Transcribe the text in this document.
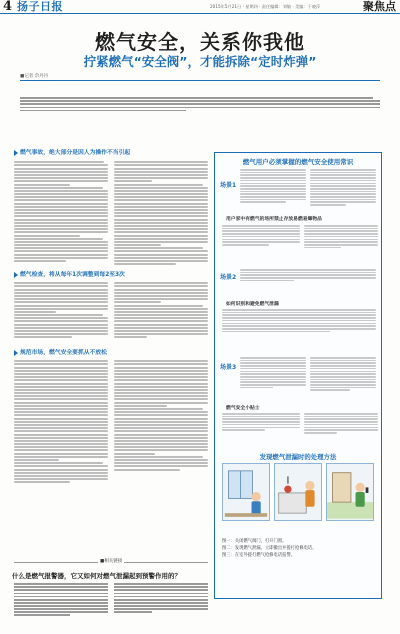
4 扬子日报	2015年5月21日 · 星期四 · 责任编辑：刘敏 · 美编：于晓萍	聚焦点
燃气安全，关系你我他
拧紧燃气“安全阀”，才能拆除“定时炸弹”
■记者 佘丹丹
燃气事故，绝大部分是因人为操作不当引起
燃气检查，将从每年1次调整到每2至3次
规范市场，燃气安全要抓从不放松
■相关链接
什么是燃气报警器，它又如何对燃气泄漏起到预警作用的？
燃气用户必须掌握的燃气安全使用常识
场景1
用户家中有燃气的场所禁止存放易燃易爆物品
场景2
如何识别和避免燃气泄漏
场景3
燃气安全小贴士
发现燃气泄漏时的处理方法
图一：关闭燃气阀门，打开门窗。
图二：发现燃气泄漏，立即撤出并拨打抢修电话。
图三：在室外拨打燃气抢修电话报警。
